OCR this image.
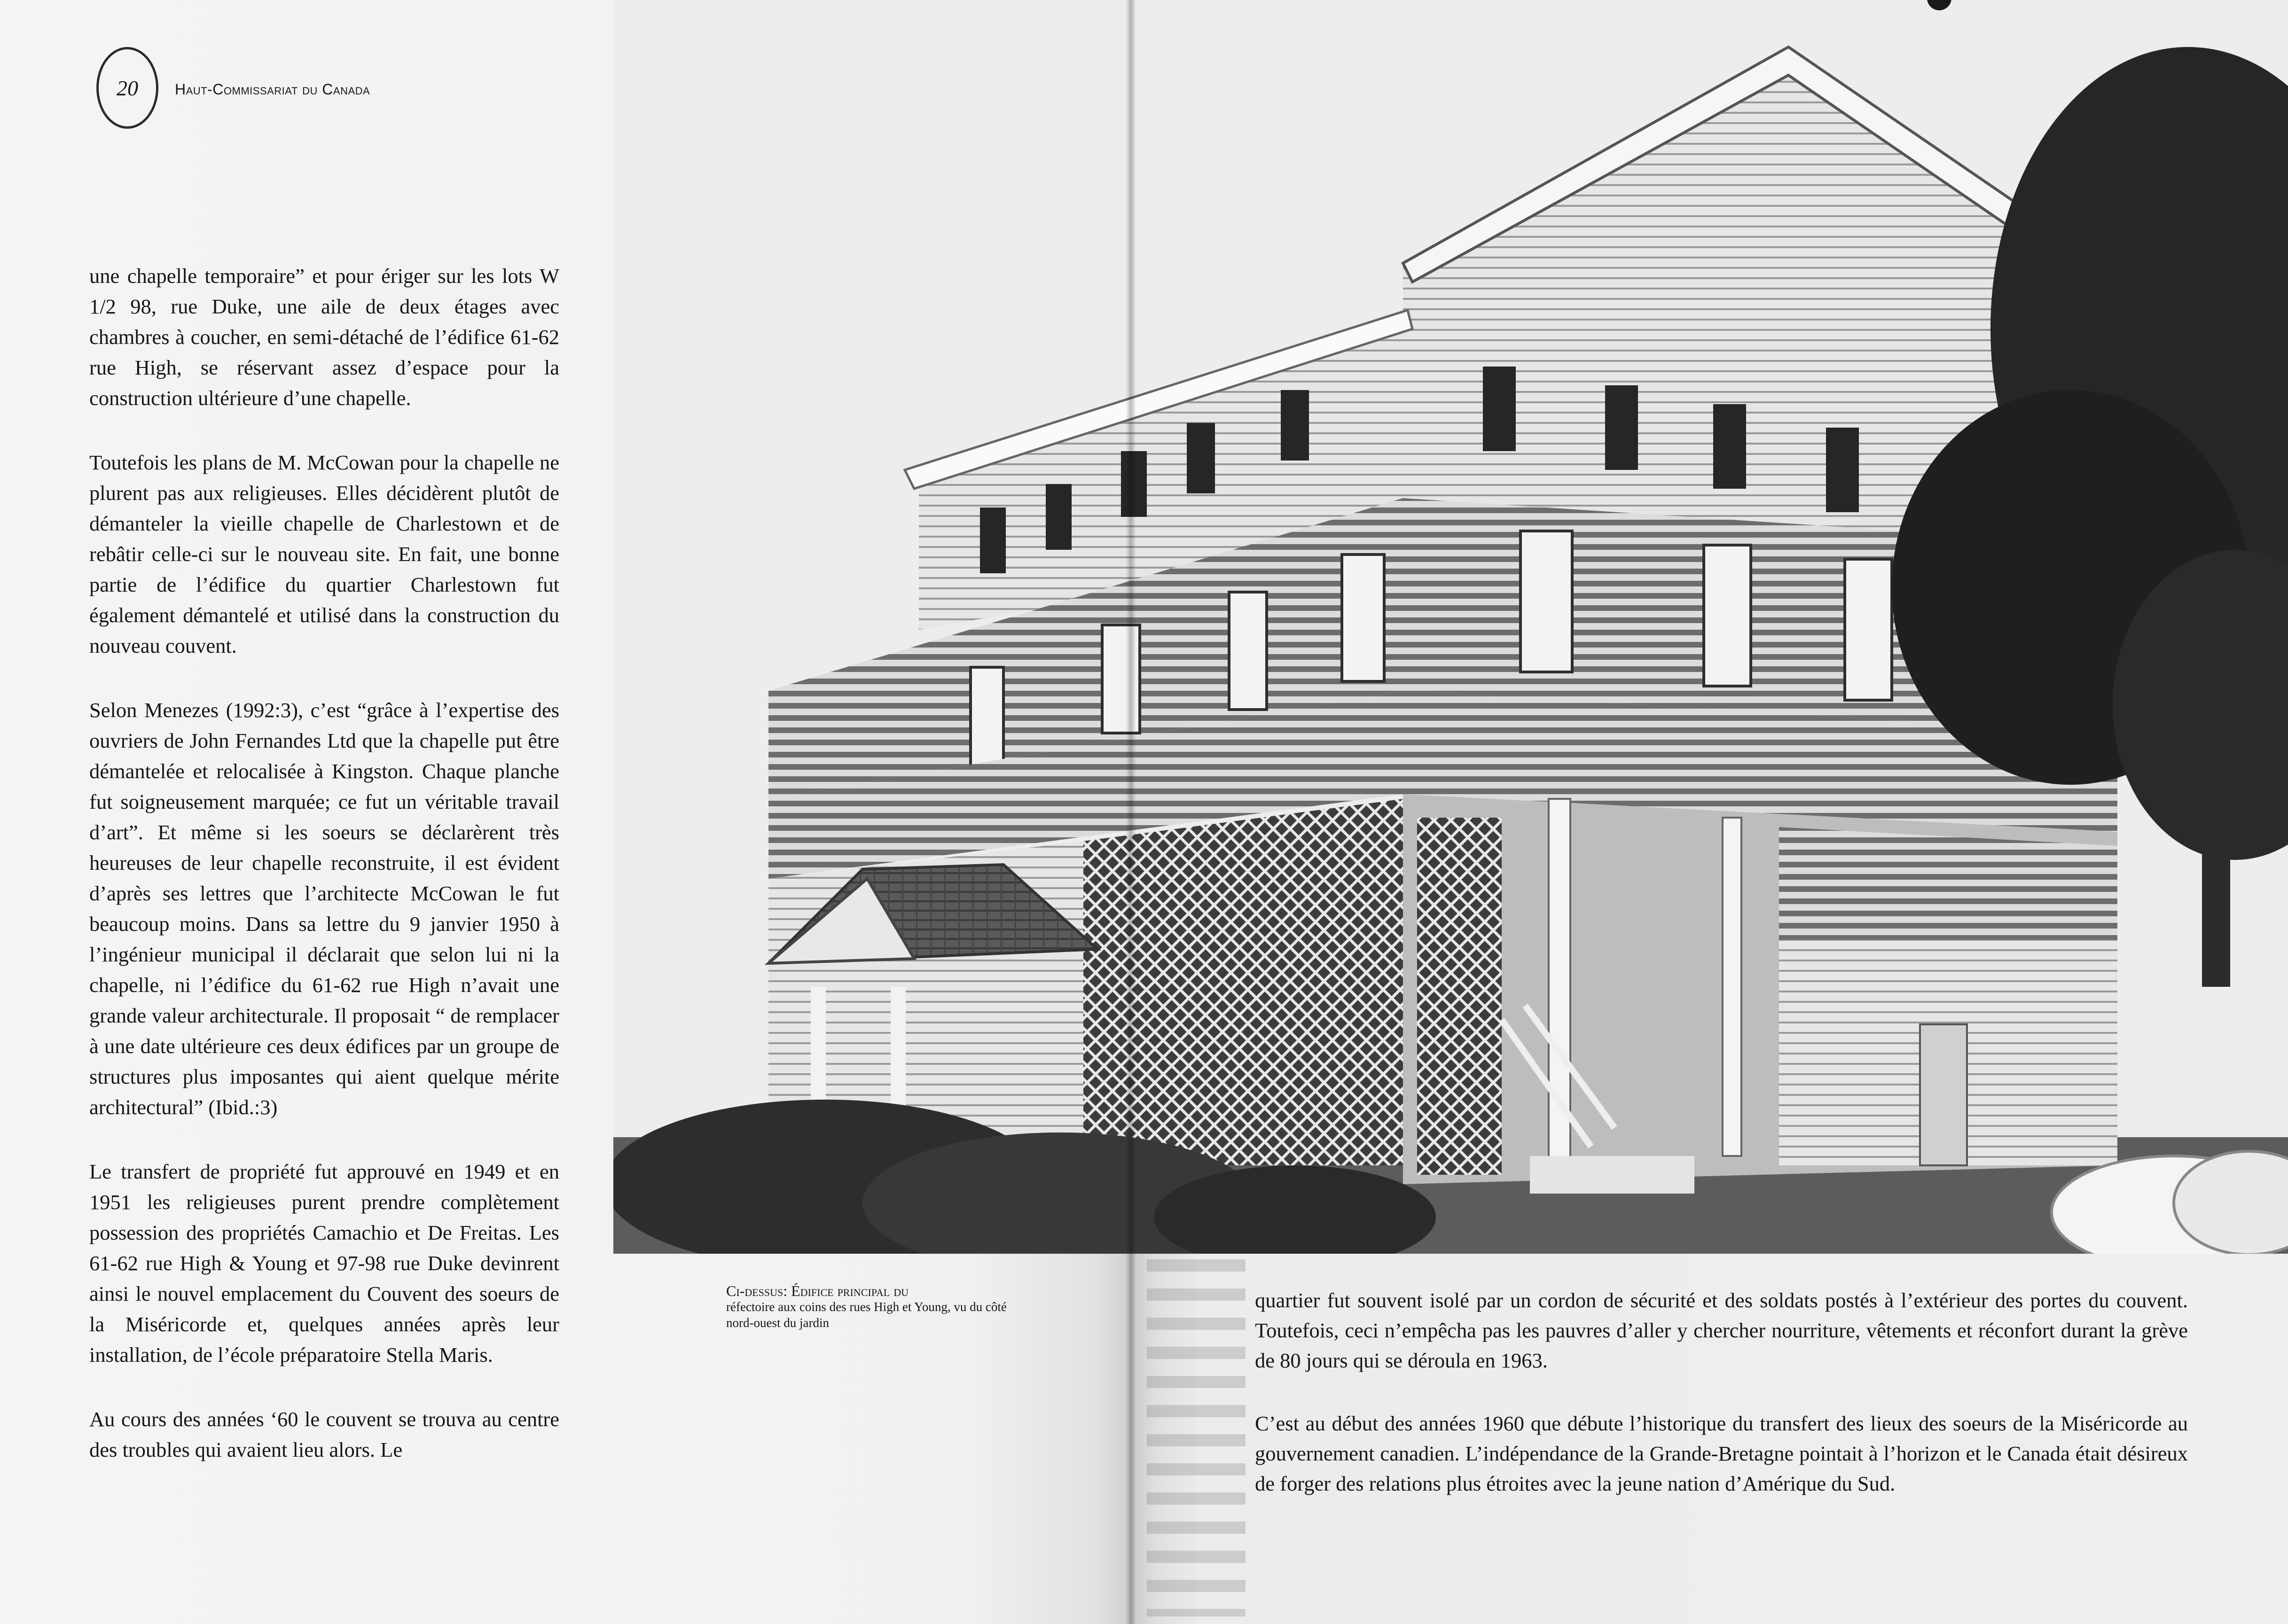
20 Haut-Commissariat du Canada

une chapelle temporaire” et pour ériger sur les lots W 1/2 98, rue Duke, une aile de deux étages avec chambres à coucher, en semi-détaché de l’édifice 61-62 rue High, se réservant assez d’espace pour la construction ultérieure d’une chapelle.

Toutefois les plans de M. McCowan pour la chapelle ne plurent pas aux religieuses. Elles décidèrent plutôt de démanteler la vieille chapelle de Charlestown et de rebâtir celle-ci sur le nouveau site. En fait, une bonne partie de l’édifice du quartier Charlestown fut également démantelé et utilisé dans la construction du nouveau couvent.

Selon Menezes (1992:3), c’est “grâce à l’expertise des ouvriers de John Fernandes Ltd que la chapelle put être démantelée et relocalisée à Kingston. Chaque planche fut soigneusement marquée; ce fut un véritable travail d’art”. Et même si les soeurs se déclarèrent très heureuses de leur chapelle reconstruite, il est évident d’après ses lettres que l’architecte McCowan le fut beaucoup moins. Dans sa lettre du 9 janvier 1950 à l’ingénieur municipal il déclarait que selon lui ni la chapelle, ni l’édifice du 61-62 rue High n’avait une grande valeur architecturale. Il proposait “ de remplacer à une date ultérieure ces deux édifices par un groupe de structures plus imposantes qui aient quelque mérite architectural” (Ibid.:3)

Le transfert de propriété fut approuvé en 1949 et en 1951 les religieuses purent prendre complètement possession des propriétés Camachio et De Freitas. Les 61-62 rue High & Young et 97-98 rue Duke devinrent ainsi le nouvel emplacement du Couvent des soeurs de la Miséricorde et, quelques années après leur installation, de l’école préparatoire Stella Maris.

Au cours des années ‘60 le couvent se trouva au centre des troubles qui avaient lieu alors. Le

Ci-dessus: Édifice principal du
réfectoire aux coins des rues High et Young, vu du côté nord-ouest du jardin

quartier fut souvent isolé par un cordon de sécurité et des soldats postés à l’extérieur des portes du couvent. Toutefois, ceci n’empêcha pas les pauvres d’aller y chercher nourriture, vêtements et réconfort durant la grève de 80 jours qui se déroula en 1963.

C’est au début des années 1960 que débute l’historique du transfert des lieux des soeurs de la Miséricorde au gouvernement canadien. L’indépendance de la Grande-Bretagne pointait à l’horizon et le Canada était désireux de forger des relations plus étroites avec la jeune nation d’Amérique du Sud.
